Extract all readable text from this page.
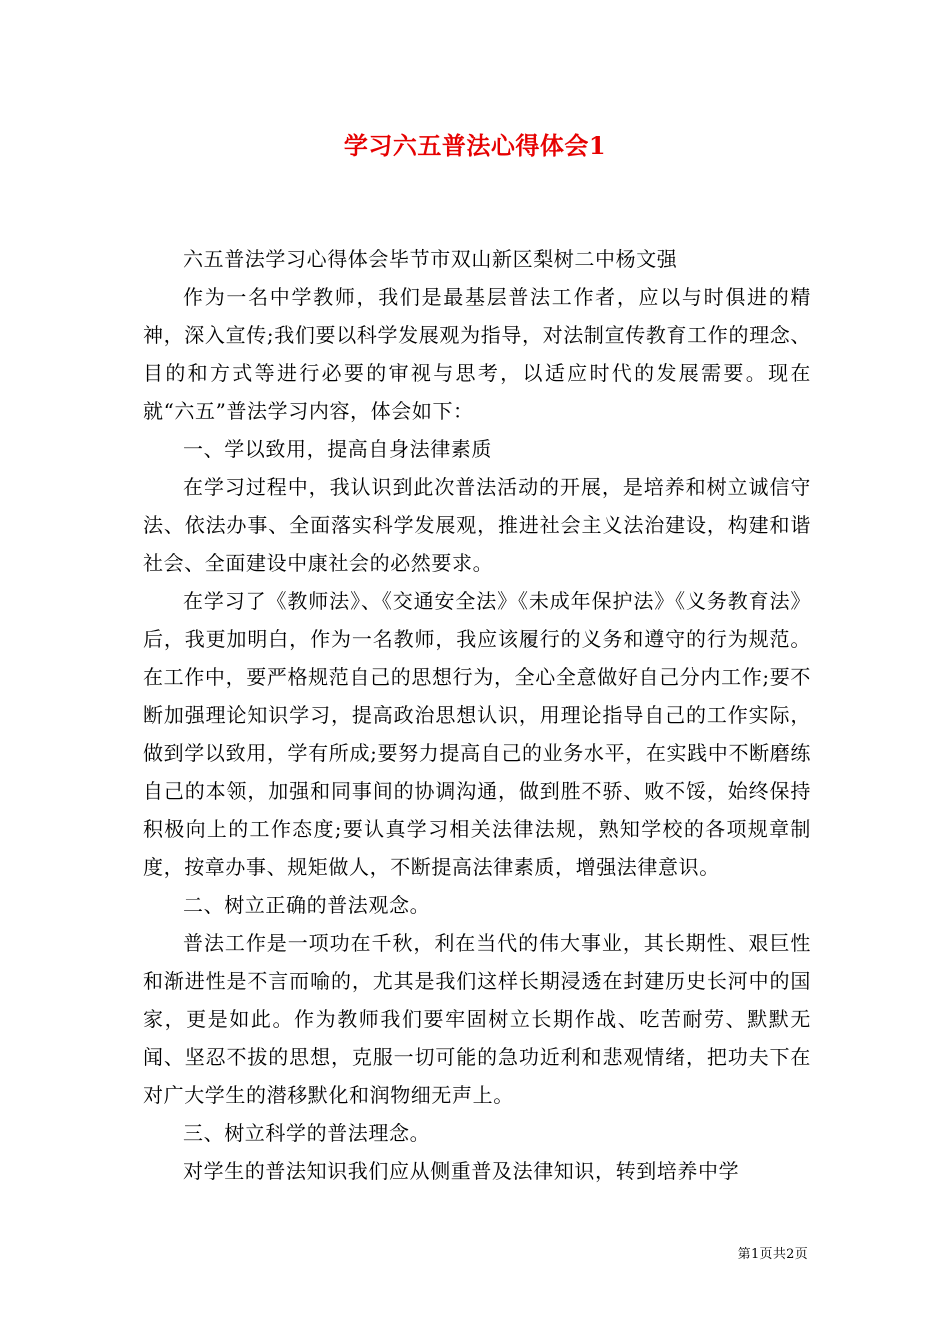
学习六五普法心得体会1

六五普法学习心得体会毕节市双山新区梨树二中杨文强

作为一名中学教师，我们是最基层普法工作者，应以与时俱进的精神，深入宣传;我们要以科学发展观为指导，对法制宣传教育工作的理念、目的和方式等进行必要的审视与思考，以适应时代的发展需要。现在就“六五”普法学习内容，体会如下：

一、学以致用，提高自身法律素质

在学习过程中，我认识到此次普法活动的开展，是培养和树立诚信守法、依法办事、全面落实科学发展观，推进社会主义法治建设，构建和谐社会、全面建设中康社会的必然要求。

在学习了《教师法》、《交通安全法》《未成年保护法》《义务教育法》后，我更加明白，作为一名教师，我应该履行的义务和遵守的行为规范。在工作中，要严格规范自己的思想行为，全心全意做好自己分内工作;要不断加强理论知识学习，提高政治思想认识，用理论指导自己的工作实际，做到学以致用，学有所成;要努力提高自己的业务水平，在实践中不断磨练自己的本领，加强和同事间的协调沟通，做到胜不骄、败不馁，始终保持积极向上的工作态度;要认真学习相关法律法规，熟知学校的各项规章制度，按章办事、规矩做人，不断提高法律素质，增强法律意识。

二、树立正确的普法观念。

普法工作是一项功在千秋，利在当代的伟大事业，其长期性、艰巨性和渐进性是不言而喻的，尤其是我们这样长期浸透在封建历史长河中的国家，更是如此。作为教师我们要牢固树立长期作战、吃苦耐劳、默默无闻、坚忍不拔的思想，克服一切可能的急功近利和悲观情绪，把功夫下在对广大学生的潜移默化和润物细无声上。

三、树立科学的普法理念。

对学生的普法知识我们应从侧重普及法律知识，转到培养中学

第1页共2页
